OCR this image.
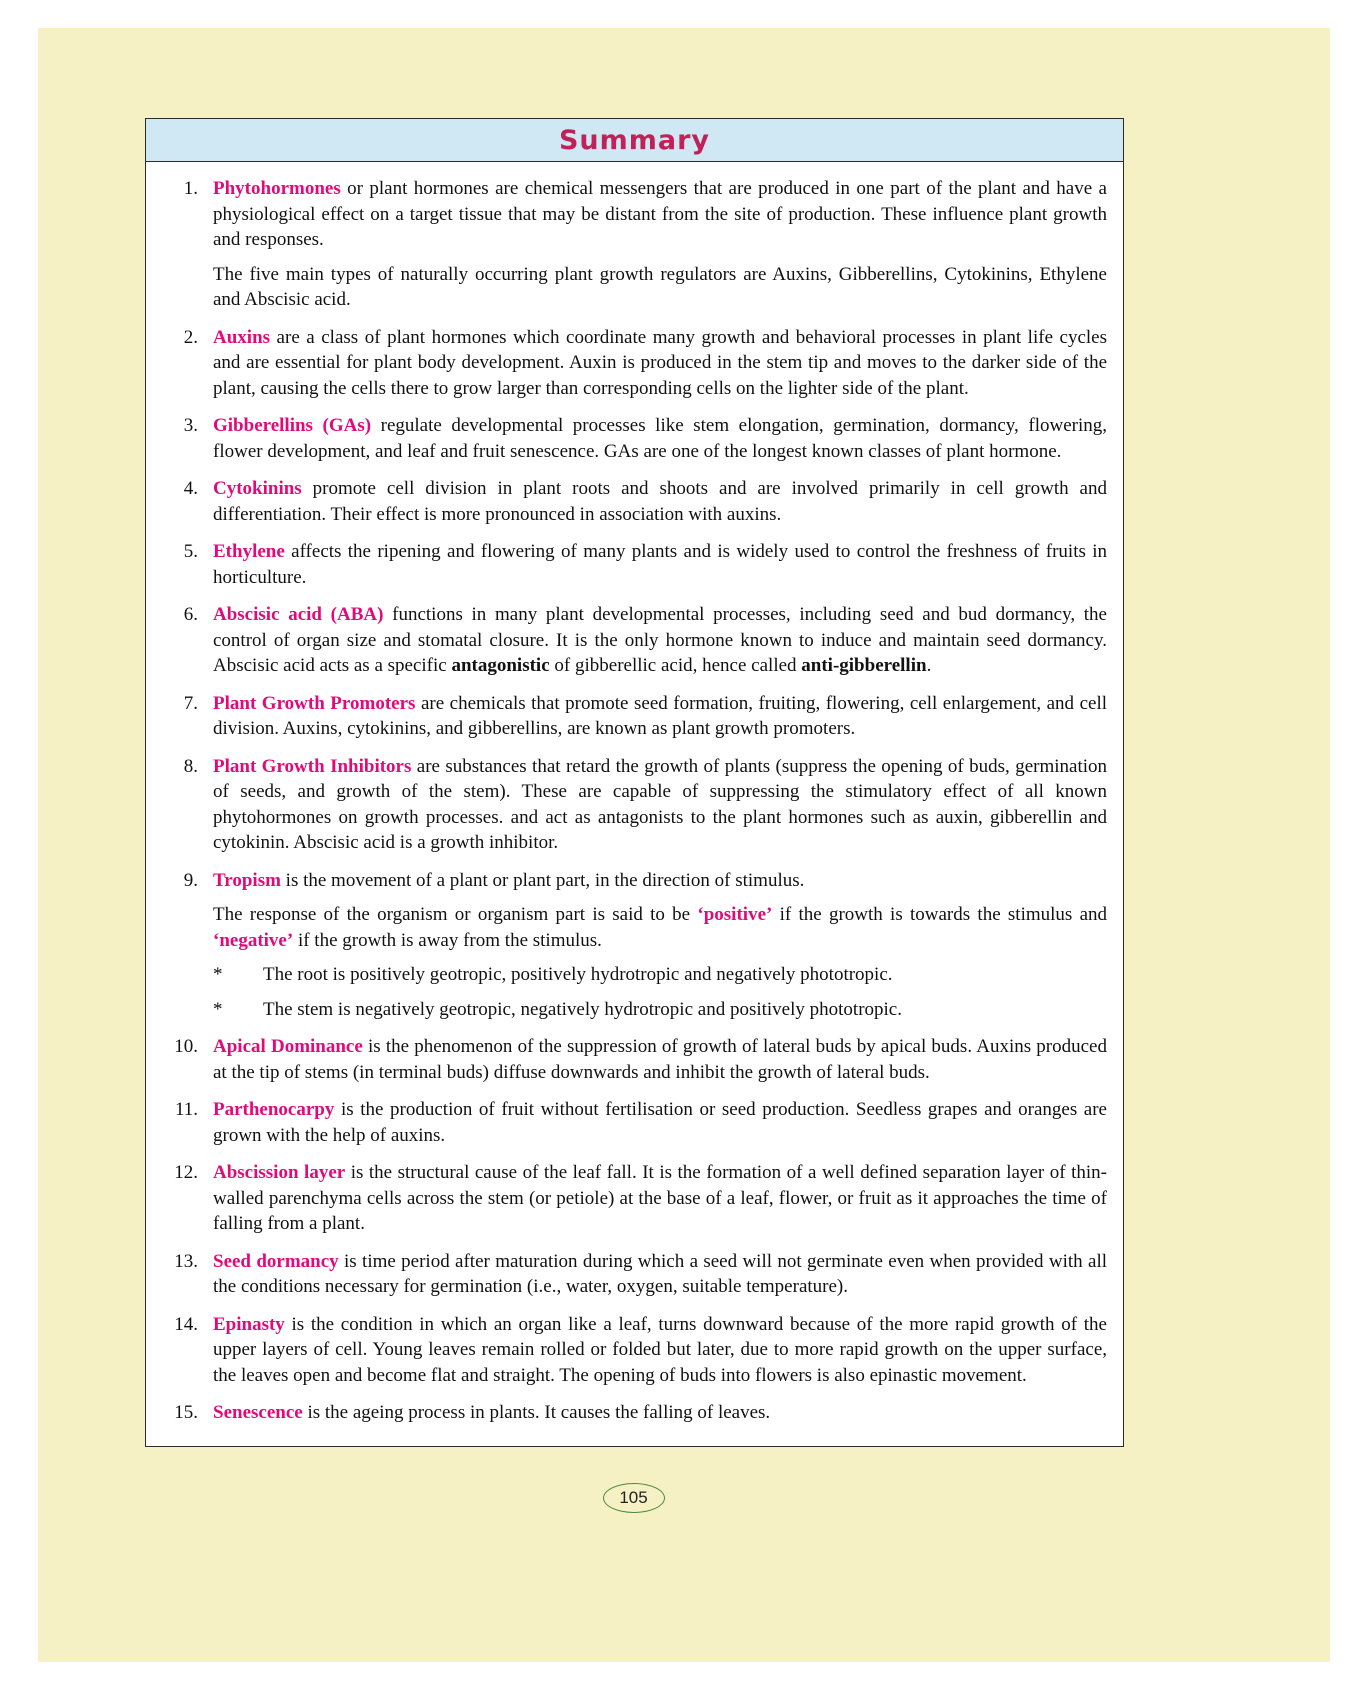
Summary
1. Phytohormones or plant hormones are chemical messengers that are produced in one part of the plant and have a physiological effect on a target tissue that may be distant from the site of production. These influence plant growth and responses.

The five main types of naturally occurring plant growth regulators are Auxins, Gibberellins, Cytokinins, Ethylene and Abscisic acid.

2. Auxins are a class of plant hormones which coordinate many growth and behavioral processes in plant life cycles and are essential for plant body development. Auxin is produced in the stem tip and moves to the darker side of the plant, causing the cells there to grow larger than corresponding cells on the lighter side of the plant.

3. Gibberellins (GAs) regulate developmental processes like stem elongation, germination, dormancy, flowering, flower development, and leaf and fruit senescence. GAs are one of the longest known classes of plant hormone.

4. Cytokinins promote cell division in plant roots and shoots and are involved primarily in cell growth and differentiation. Their effect is more pronounced in association with auxins.

5. Ethylene affects the ripening and flowering of many plants and is widely used to control the freshness of fruits in horticulture.

6. Abscisic acid (ABA) functions in many plant developmental processes, including seed and bud dormancy, the control of organ size and stomatal closure. It is the only hormone known to induce and maintain seed dormancy. Abscisic acid acts as a specific antagonistic of gibberellic acid, hence called anti-gibberellin.

7. Plant Growth Promoters are chemicals that promote seed formation, fruiting, flowering, cell enlargement, and cell division. Auxins, cytokinins, and gibberellins, are known as plant growth promoters.

8. Plant Growth Inhibitors are substances that retard the growth of plants (suppress the opening of buds, germination of seeds, and growth of the stem). These are capable of suppressing the stimulatory effect of all known phytohormones on growth processes. and act as antagonists to the plant hormones such as auxin, gibberellin and cytokinin. Abscisic acid is a growth inhibitor.

9. Tropism is the movement of a plant or plant part, in the direction of stimulus.

The response of the organism or organism part is said to be ‘positive’ if the growth is towards the stimulus and ‘negative’ if the growth is away from the stimulus.

*	The root is positively geotropic, positively hydrotropic and negatively phototropic.

*	The stem is negatively geotropic, negatively hydrotropic and positively phototropic.

10. Apical Dominance is the phenomenon of the suppression of growth of lateral buds by apical buds. Auxins produced at the tip of stems (in terminal buds) diffuse downwards and inhibit the growth of lateral buds.

11. Parthenocarpy is the production of fruit without fertilisation or seed production. Seedless grapes and oranges are grown with the help of auxins.

12. Abscission layer is the structural cause of the leaf fall. It is the formation of a well defined separation layer of thin-walled parenchyma cells across the stem (or petiole) at the base of a leaf, flower, or fruit as it approaches the time of falling from a plant.

13. Seed dormancy is time period after maturation during which a seed will not germinate even when provided with all the conditions necessary for germination (i.e., water, oxygen, suitable temperature).

14. Epinasty is the condition in which an organ like a leaf, turns downward because of the more rapid growth of the upper layers of cell. Young leaves remain rolled or folded but later, due to more rapid growth on the upper surface, the leaves open and become flat and straight. The opening of buds into flowers is also epinastic movement.

15. Senescence is the ageing process in plants. It causes the falling of leaves.

105
